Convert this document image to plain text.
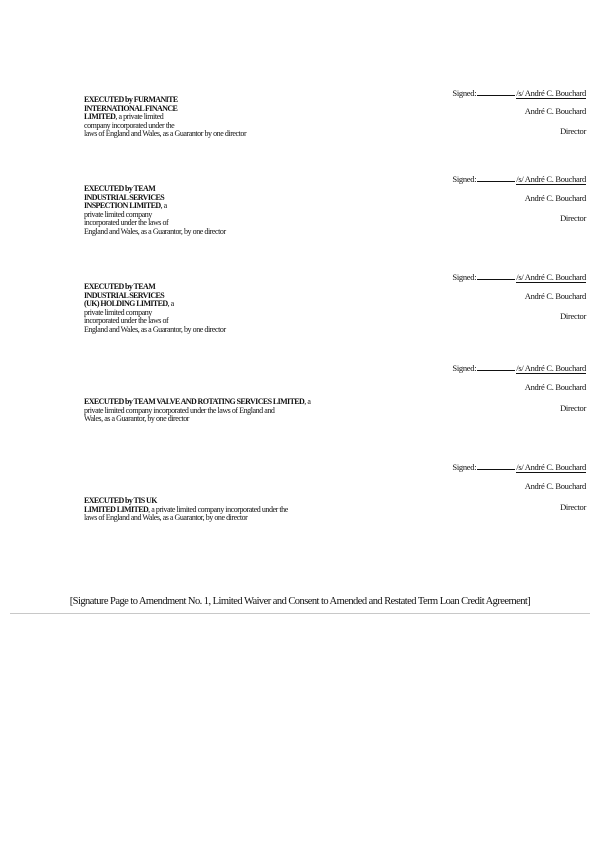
Signed:	/s/ André C. Bouchard
André C. Bouchard
Director
EXECUTED by FURMANITE
INTERNATIONAL FINANCE
LIMITED, a private limited
company incorporated under the
laws of England and Wales, as a Guarantor by one director
Signed:	/s/ André C. Bouchard
André C. Bouchard
Director
EXECUTED by TEAM
INDUSTRIAL SERVICES
INSPECTION LIMITED, a
private limited company
incorporated under the laws of
England and Wales, as a Guarantor, by one director
Signed:	/s/ André C. Bouchard
André C. Bouchard
Director
EXECUTED by TEAM
INDUSTRIAL SERVICES
(UK) HOLDING LIMITED, a
private limited company
incorporated under the laws of
England and Wales, as a Guarantor, by one director
Signed:	/s/ André C. Bouchard
André C. Bouchard
Director
EXECUTED by TEAM VALVE AND ROTATING SERVICES LIMITED, a
private limited company incorporated under the laws of England and
Wales, as a Guarantor, by one director
Signed:	/s/ André C. Bouchard
André C. Bouchard
Director
EXECUTED by TIS UK
LIMITED LIMITED, a private limited company incorporated under the
laws of England and Wales, as a Guarantor, by one director
[Signature Page to Amendment No. 1, Limited Waiver and Consent to Amended and Restated Term Loan Credit Agreement]
